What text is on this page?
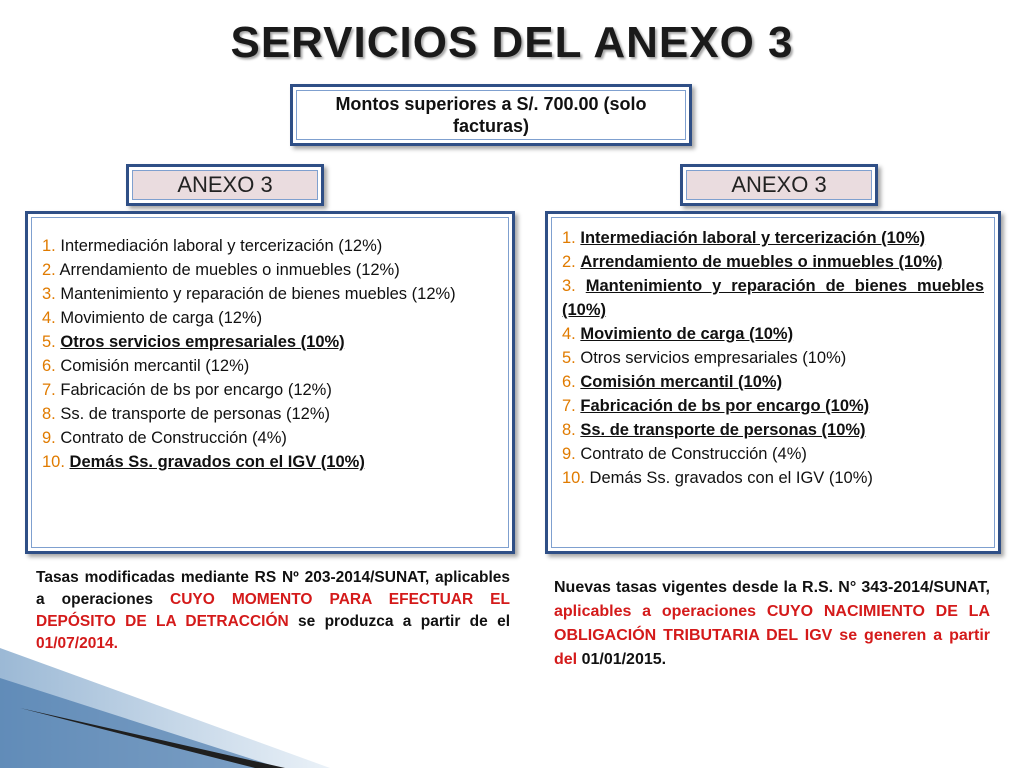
SERVICIOS DEL ANEXO 3
Montos superiores a S/. 700.00 (solo facturas)
ANEXO 3	ANEXO 3
1. Intermediación laboral y tercerización (12%)
2. Arrendamiento de muebles o inmuebles (12%)
3. Mantenimiento y reparación de bienes muebles (12%)
4. Movimiento de carga (12%)
5. Otros servicios empresariales (10%)
6. Comisión mercantil (12%)
7. Fabricación de bs por encargo (12%)
8. Ss. de transporte de personas (12%)
9. Contrato de Construcción (4%)
10. Demás Ss. gravados con el IGV (10%)
1. Intermediación laboral y tercerización (10%)
2. Arrendamiento de muebles o inmuebles (10%)
3. Mantenimiento y reparación de bienes muebles (10%)
4. Movimiento de carga (10%)
5. Otros servicios empresariales (10%)
6. Comisión mercantil (10%)
7. Fabricación de bs por encargo (10%)
8. Ss. de transporte de personas (10%)
9. Contrato de Construcción (4%)
10. Demás Ss. gravados con el IGV (10%)
Tasas modificadas mediante RS Nº 203-2014/SUNAT, aplicables a operaciones CUYO MOMENTO PARA EFECTUAR EL DEPÓSITO DE LA DETRACCIÓN se produzca a partir de el 01/07/2014.
Nuevas tasas vigentes desde la R.S. N° 343-2014/SUNAT, aplicables a operaciones CUYO NACIMIENTO DE LA OBLIGACIÓN TRIBUTARIA DEL IGV se generen a partir del 01/01/2015.
